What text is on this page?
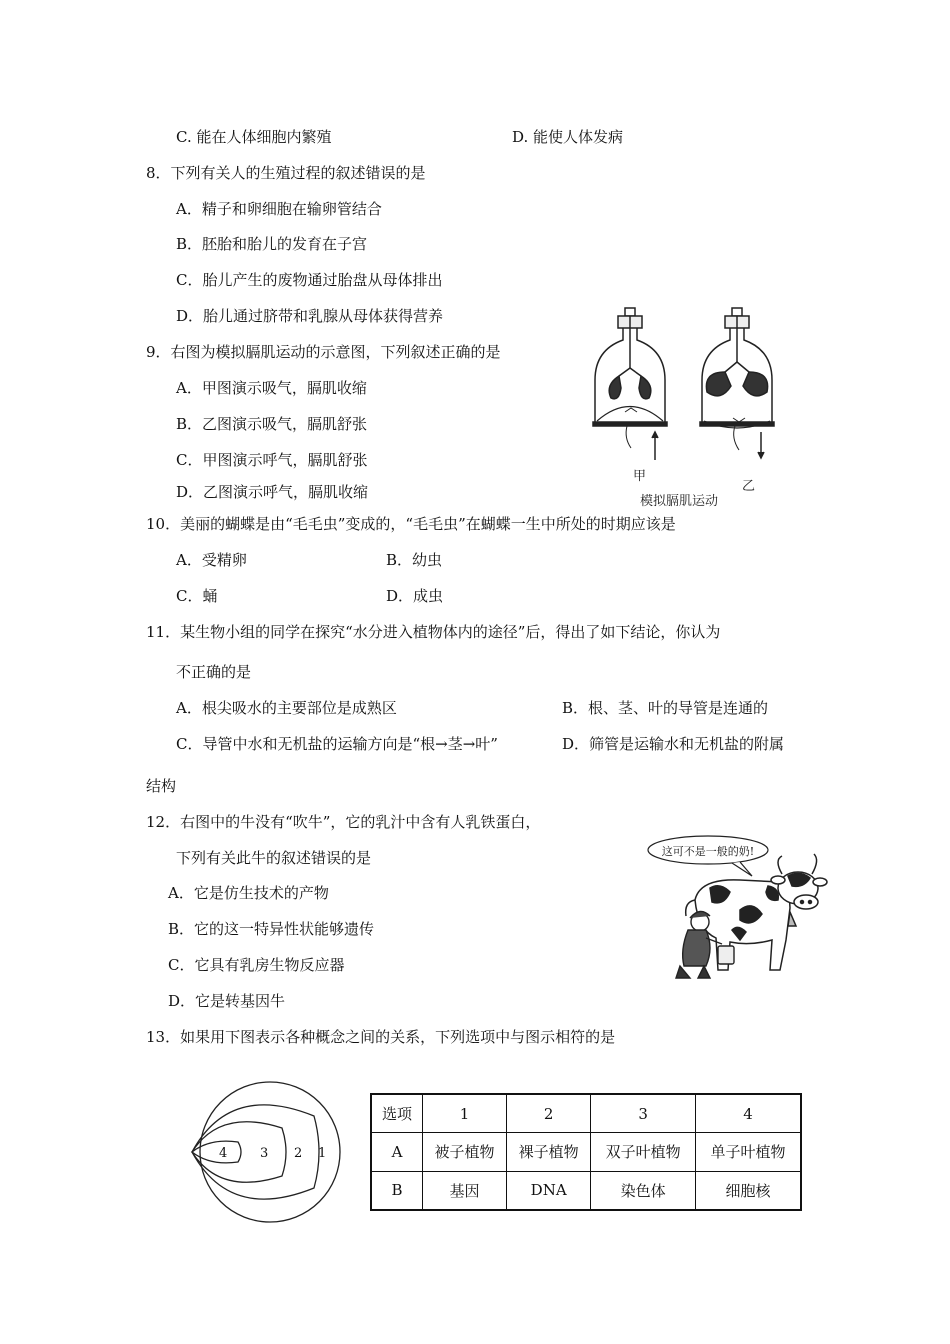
C. 能在人体细胞内繁殖	D. 能使人体发病
8．下列有关人的生殖过程的叙述错误的是
A．精子和卵细胞在输卵管结合
B．胚胎和胎儿的发育在子宫
C．胎儿产生的废物通过胎盘从母体排出
D．胎儿通过脐带和乳腺从母体获得营养
9．右图为模拟膈肌运动的示意图，下列叙述正确的是
A．甲图演示吸气，膈肌收缩
B．乙图演示吸气，膈肌舒张
C．甲图演示呼气，膈肌舒张
D．乙图演示呼气，膈肌收缩
甲
乙
模拟膈肌运动
10．美丽的蝴蝶是由“毛毛虫”变成的，“毛毛虫”在蝴蝶一生中所处的时期应该是
A．受精卵	B．幼虫
C．蛹	D．成虫
11．某生物小组的同学在探究“水分进入植物体内的途径”后，得出了如下结论，你认为
不正确的是
A．根尖吸水的主要部位是成熟区	B．根、茎、叶的导管是连通的
C．导管中水和无机盐的运输方向是“根→茎→叶”	D．筛管是运输水和无机盐的附属
结构
12．右图中的牛没有“吹牛”，它的乳汁中含有人乳铁蛋白，
下列有关此牛的叙述错误的是
A．它是仿生技术的产物
B．它的这一特异性状能够遗传
C．它具有乳房生物反应器
D．它是转基因牛
这可不是一般的奶!
13．如果用下图表示各种概念之间的关系，下列选项中与图示相符的是
4	3 2 1
选项	1	2	3	4
A	被子植物	裸子植物	双子叶植物	单子叶植物
B	基因	DNA	染色体	细胞核
